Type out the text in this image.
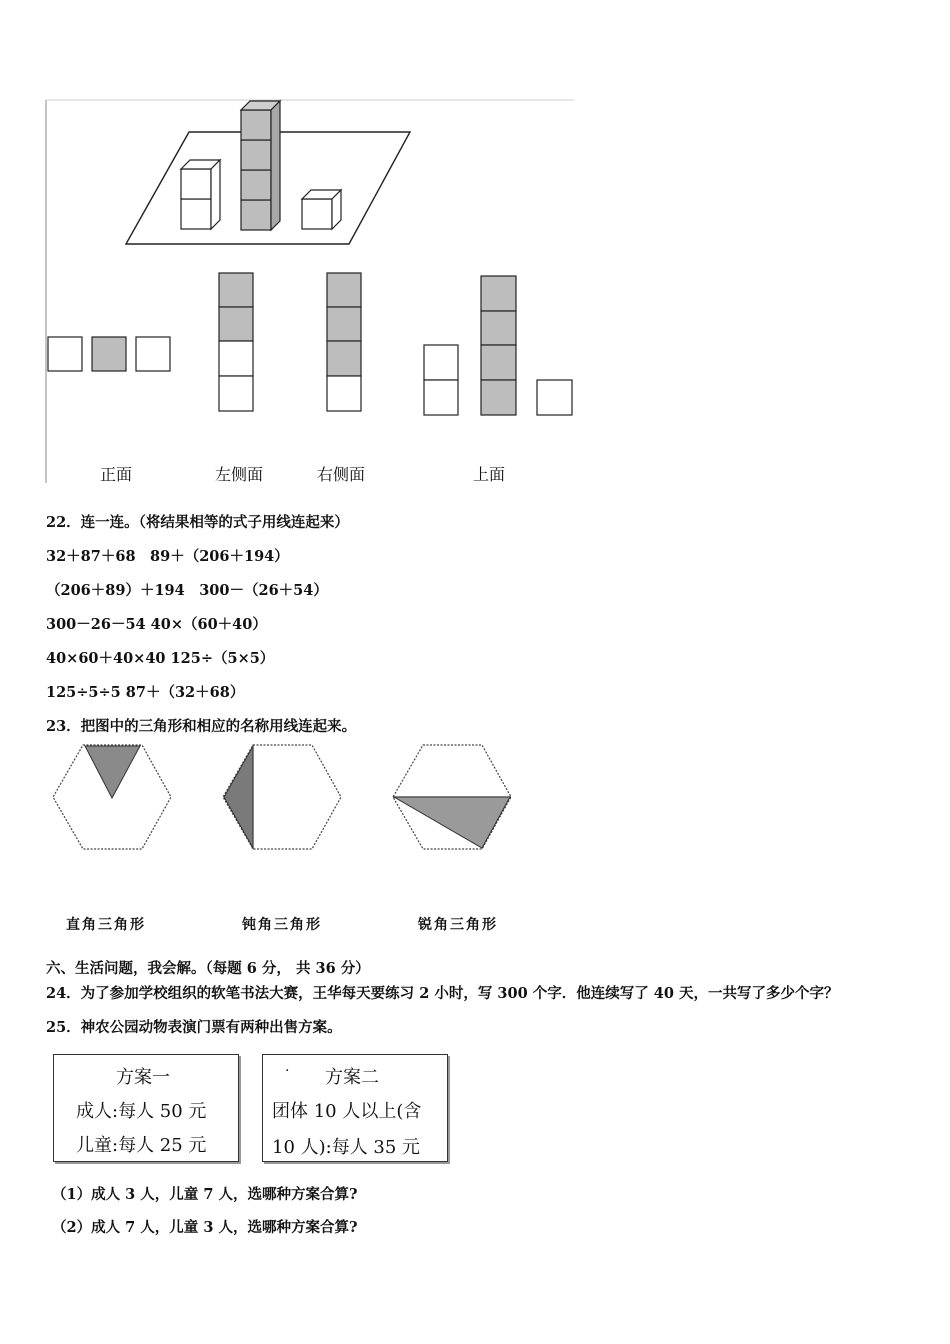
正面	左侧面	右侧面	上面
22．连一连。（将结果相等的式子用线连起来）
32＋87＋68　89＋（206＋194）
（206＋89）＋194　300－（26＋54）
300－26－54 40×（60＋40）
40×60＋40×40 125÷（5×5）
125÷5÷5 87＋（32＋68）
23．把图中的三角形和相应的名称用线连起来。
直角三角形	钝角三角形	锐角三角形
六、生活问题，我会解。（每题 6 分， 共 36 分）
24．为了参加学校组织的软笔书法大赛，王华每天要练习 2 小时，写 300 个字．他连续写了 40 天，一共写了多少个字？
25．神农公园动物表演门票有两种出售方案。
方案一
成人:每人 50 元
儿童:每人 25 元
· 方案二
团体 10 人以上(含
10 人):每人 35 元
（1）成人 3 人，儿童 7 人，选哪种方案合算?
（2）成人 7 人，儿童 3 人，选哪种方案合算?
